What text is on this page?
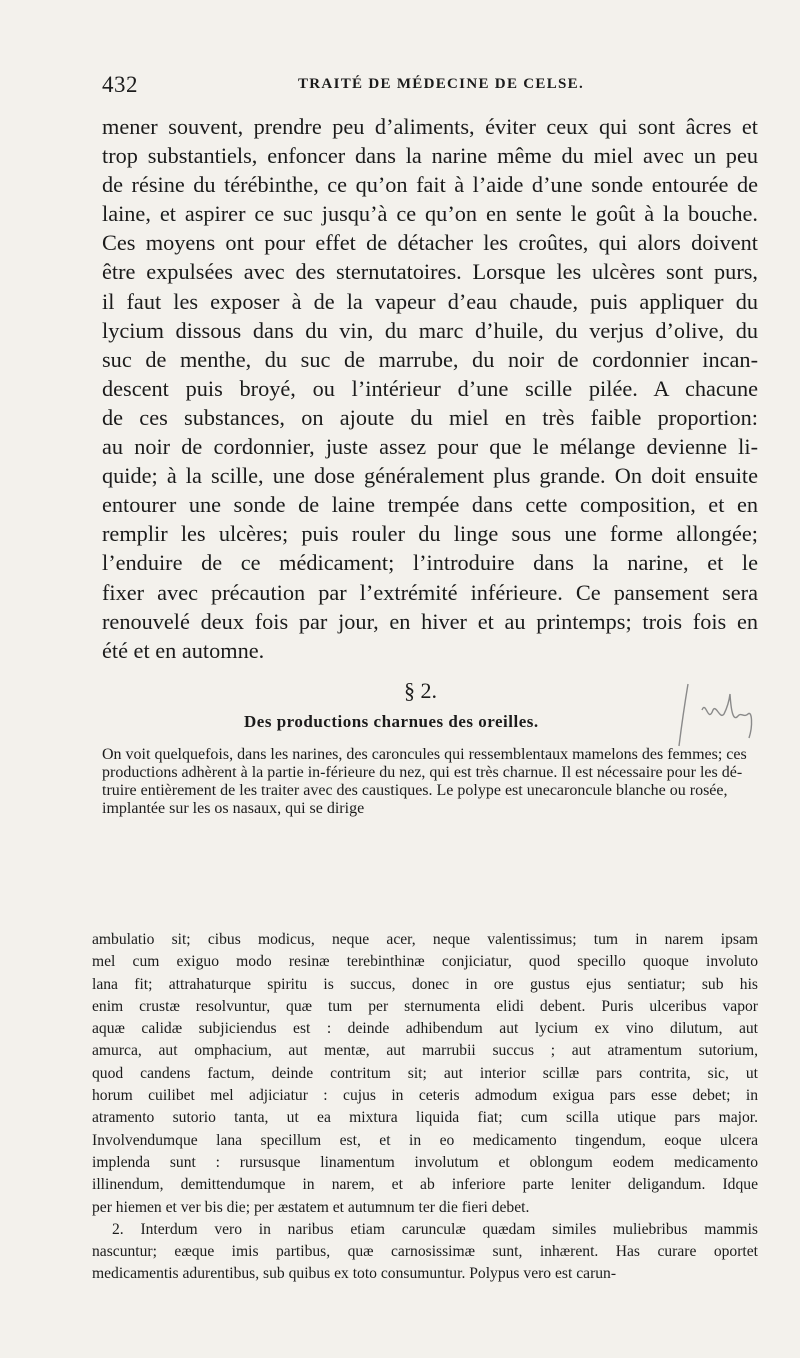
432	TRAITÉ DE MÉDECINE DE CELSE.
mener souvent, prendre peu d’aliments, éviter ceux qui sont âcres et
trop substantiels, enfoncer dans la narine même du miel avec un peu
de résine du térébinthe, ce qu’on fait à l’aide d’une sonde entourée de
laine, et aspirer ce suc jusqu’à ce qu’on en sente le goût à la bouche.
Ces moyens ont pour effet de détacher les croûtes, qui alors doivent
être expulsées avec des sternutatoires. Lorsque les ulcères sont purs,
il faut les exposer à de la vapeur d’eau chaude, puis appliquer du
lycium dissous dans du vin, du marc d’huile, du verjus d’olive, du
suc de menthe, du suc de marrube, du noir de cordonnier incan-
descent puis broyé, ou l’intérieur d’une scille pilée. A chacune
de ces substances, on ajoute du miel en très faible proportion:
au noir de cordonnier, juste assez pour que le mélange devienne li-
quide; à la scille, une dose généralement plus grande. On doit ensuite
entourer une sonde de laine trempée dans cette composition, et en
remplir les ulcères; puis rouler du linge sous une forme allongée;
l’enduire de ce médicament; l’introduire dans la narine, et le
fixer avec précaution par l’extrémité inférieure. Ce pansement sera
renouvelé deux fois par jour, en hiver et au printemps; trois fois en
été et en automne.
§ 2.
Des productions charnues des oreilles.
On voit quelquefois, dans les narines, des caroncules qui ressemblentaux mamelons des femmes; ces productions adhèrent à la partie in-férieure du nez, qui est très charnue. Il est nécessaire pour les dé-truire entièrement de les traiter avec des caustiques. Le polype est unecaroncule blanche ou rosée, implantée sur les os nasaux, qui se dirige
ambulatio sit; cibus modicus, neque acer, neque valentissimus; tum in narem ipsam
mel cum exiguo modo resinæ terebinthinæ conjiciatur, quod specillo quoque involuto
lana fit; attrahaturque spiritu is succus, donec in ore gustus ejus sentiatur; sub his
enim crustæ resolvuntur, quæ tum per sternumenta elidi debent. Puris ulceribus vapor
aquæ calidæ subjiciendus est : deinde adhibendum aut lycium ex vino dilutum, aut
amurca, aut omphacium, aut mentæ, aut marrubii succus ; aut atramentum sutorium,
quod candens factum, deinde contritum sit; aut interior scillæ pars contrita, sic, ut
horum cuilibet mel adjiciatur : cujus in ceteris admodum exigua pars esse debet; in
atramento sutorio tanta, ut ea mixtura liquida fiat; cum scilla utique pars major.
Involvendumque lana specillum est, et in eo medicamento tingendum, eoque ulcera
implenda sunt : rursusque linamentum involutum et oblongum eodem medicamento
illinendum, demittendumque in narem, et ab inferiore parte leniter deligandum. Idque
per hiemen et ver bis die; per æstatem et autumnum ter die fieri debet.
2. Interdum vero in naribus etiam carunculæ quædam similes muliebribus mammis
nascuntur; eæque imis partibus, quæ carnosissimæ sunt, inhærent. Has curare oportet
medicamentis adurentibus, sub quibus ex toto consumuntur. Polypus vero est carun-
